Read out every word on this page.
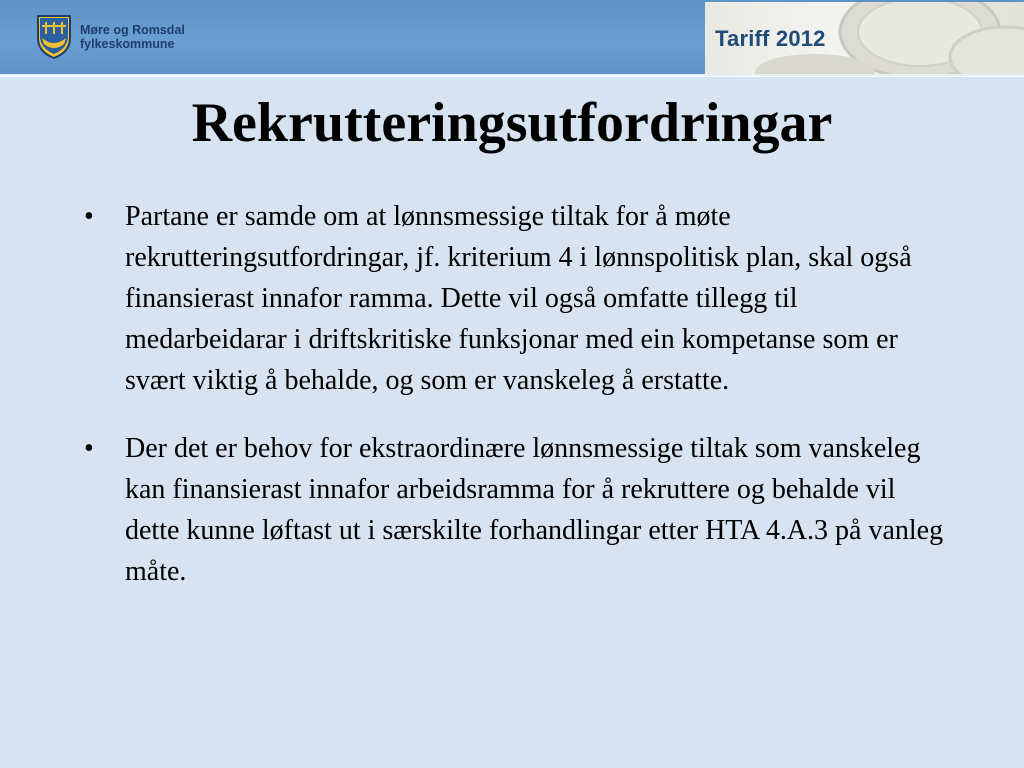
Møre og Romsdal
fylkeskommune	Tariff 2012
Rekrutteringsutfordringar
• Partane er samde om at lønnsmessige tiltak for å møte rekrutteringsutfordringar, jf. kriterium 4 i lønnspolitisk plan, skal også finansierast innafor ramma. Dette vil også omfatte tillegg til medarbeidarar i driftskritiske funksjonar med ein kompetanse som er svært viktig å behalde, og som er vanskeleg å erstatte.
• Der det er behov for ekstraordinære lønnsmessige tiltak som vanskeleg kan finansierast innafor arbeidsramma for å rekruttere og behalde vil dette kunne løftast ut i særskilte forhandlingar etter HTA 4.A.3 på vanleg måte.
